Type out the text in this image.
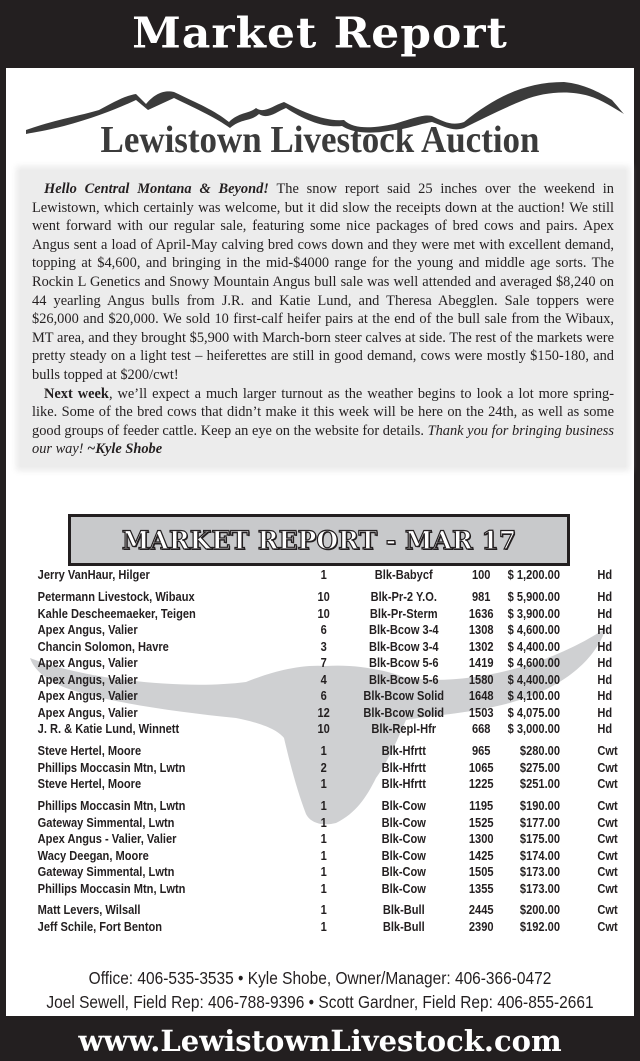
Market Report
Lewistown Livestock Auction

Hello Central Montana & Beyond! The snow report said 25 inches over the weekend in Lewistown, which certainly was welcome, but it did slow the receipts down at the auction! We still went forward with our regular sale, featuring some nice packages of bred cows and pairs. Apex Angus sent a load of April-May calving bred cows down and they were met with excellent demand, topping at $4,600, and bringing in the mid-$4000 range for the young and middle age sorts. The Rockin L Genetics and Snowy Mountain Angus bull sale was well attended and averaged $8,240 on 44 yearling Angus bulls from J.R. and Katie Lund, and Theresa Abegglen. Sale toppers were $26,000 and $20,000. We sold 10 first-calf heifer pairs at the end of the bull sale from the Wibaux, MT area, and they brought $5,900 with March-born steer calves at side. The rest of the markets were pretty steady on a light test – heiferettes are still in good demand, cows were mostly $150-180, and bulls topped at $200/cwt!

Next week, we’ll expect a much larger turnout as the weather begins to look a lot more spring-like. Some of the bred cows that didn’t make it this week will be here on the 24th, as well as some good groups of feeder cattle. Keep an eye on the website for details. Thank you for bringing business our way! ~Kyle Shobe

MARKET REPORT - MAR 17
Jerry VanHaur, Hilger	1	Blk-Babycf	100	$ 1,200.00	Hd
Petermann Livestock, Wibaux	10	Blk-Pr-2 Y.O.	981	$ 5,900.00	Hd
Kahle Descheemaeker, Teigen	10	Blk-Pr-Sterm	1636	$ 3,900.00	Hd
Apex Angus, Valier	6	Blk-Bcow 3-4	1308	$ 4,600.00	Hd
Chancin Solomon, Havre	3	Blk-Bcow 3-4	1302	$ 4,400.00	Hd
Apex Angus, Valier	7	Blk-Bcow 5-6	1419	$ 4,600.00	Hd
Apex Angus, Valier	4	Blk-Bcow 5-6	1580	$ 4,400.00	Hd
Apex Angus, Valier	6	Blk-Bcow Solid	1648	$ 4,100.00	Hd
Apex Angus, Valier	12	Blk-Bcow Solid	1503	$ 4,075.00	Hd
J. R. & Katie Lund, Winnett	10	Blk-Repl-Hfr	668	$ 3,000.00	Hd
Steve Hertel, Moore	1	Blk-Hfrtt	965	$280.00	Cwt
Phillips Moccasin Mtn, Lwtn	2	Blk-Hfrtt	1065	$275.00	Cwt
Steve Hertel, Moore	1	Blk-Hfrtt	1225	$251.00	Cwt
Phillips Moccasin Mtn, Lwtn	1	Blk-Cow	1195	$190.00	Cwt
Gateway Simmental, Lwtn	1	Blk-Cow	1525	$177.00	Cwt
Apex Angus - Valier, Valier	1	Blk-Cow	1300	$175.00	Cwt
Wacy Deegan, Moore	1	Blk-Cow	1425	$174.00	Cwt
Gateway Simmental, Lwtn	1	Blk-Cow	1505	$173.00	Cwt
Phillips Moccasin Mtn, Lwtn	1	Blk-Cow	1355	$173.00	Cwt
Matt Levers, Wilsall	1	Blk-Bull	2445	$200.00	Cwt
Jeff Schile, Fort Benton	1	Blk-Bull	2390	$192.00	Cwt
Office: 406-535-3535 • Kyle Shobe, Owner/Manager: 406-366-0472
Joel Sewell, Field Rep: 406-788-9396 • Scott Gardner, Field Rep: 406-855-2661
www.LewistownLivestock.com
